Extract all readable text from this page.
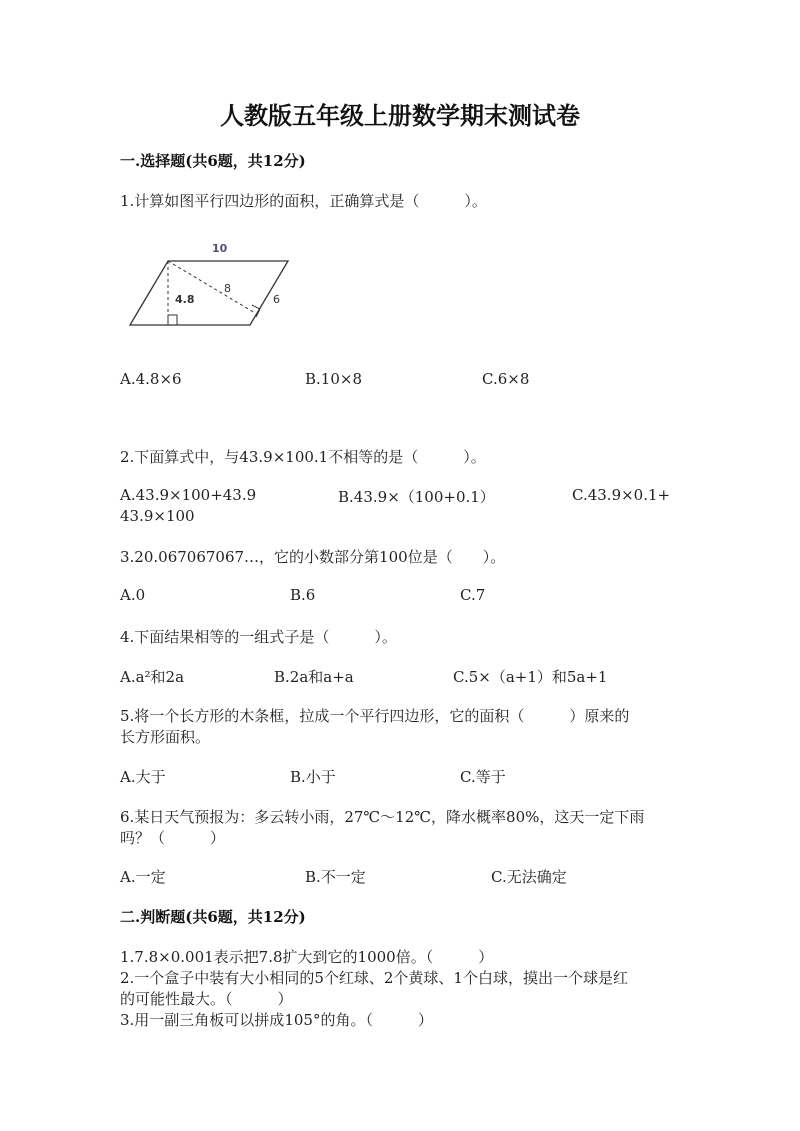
人教版五年级上册数学期末测试卷
一.选择题(共6题，共12分)
1.计算如图平行四边形的面积，正确算式是（　　　）。
10
4.8
8
6
A.4.8×6	B.10×8	C.6×8
2.下面算式中，与43.9×100.1不相等的是（　　　）。
A.43.9×100+43.9	B.43.9×（100+0.1）	C.43.9×0.1+
43.9×100
3.20.067067067…，它的小数部分第100位是（　　）。
A.0	B.6	C.7
4.下面结果相等的一组式子是（　　　）。
A.a²和2a	B.2a和a+a	C.5×（a+1）和5a+1
5.将一个长方形的木条框，拉成一个平行四边形，它的面积（　　　）原来的
长方形面积。
A.大于	B.小于	C.等于
6.某日天气预报为：多云转小雨，27℃～12℃，降水概率80%，这天一定下雨
吗？（　　　）
A.一定	B.不一定	C.无法确定
二.判断题(共6题，共12分)
1.7.8×0.001表示把7.8扩大到它的1000倍。（　　　）
2.一个盒子中装有大小相同的5个红球、2个黄球、1个白球，摸出一个球是红
的可能性最大。（　　　）
3.用一副三角板可以拼成105°的角。（　　　）
